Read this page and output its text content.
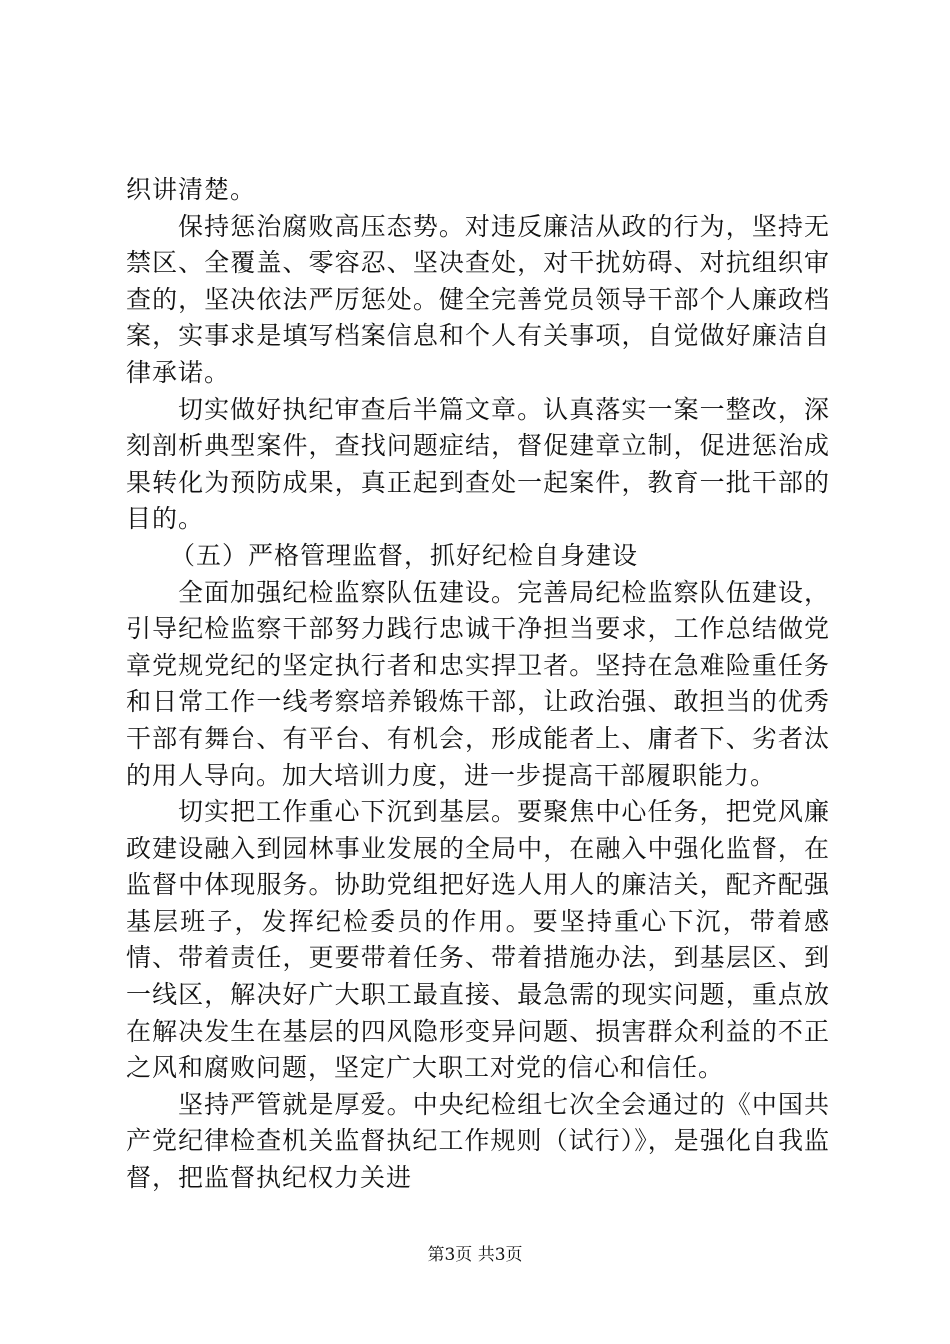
织讲清楚。

保持惩治腐败高压态势。对违反廉洁从政的行为，坚持无禁区、全覆盖、零容忍、坚决查处，对干扰妨碍、对抗组织审查的，坚决依法严厉惩处。健全完善党员领导干部个人廉政档案，实事求是填写档案信息和个人有关事项，自觉做好廉洁自律承诺。

切实做好执纪审查后半篇文章。认真落实一案一整改，深刻剖析典型案件，查找问题症结，督促建章立制，促进惩治成果转化为预防成果，真正起到查处一起案件，教育一批干部的目的。

（五）严格管理监督，抓好纪检自身建设

全面加强纪检监察队伍建设。完善局纪检监察队伍建设，引导纪检监察干部努力践行忠诚干净担当要求，工作总结做党章党规党纪的坚定执行者和忠实捍卫者。坚持在急难险重任务和日常工作一线考察培养锻炼干部，让政治强、敢担当的优秀干部有舞台、有平台、有机会，形成能者上、庸者下、劣者汰的用人导向。加大培训力度，进一步提高干部履职能力。

切实把工作重心下沉到基层。要聚焦中心任务，把党风廉政建设融入到园林事业发展的全局中，在融入中强化监督，在监督中体现服务。协助党组把好选人用人的廉洁关，配齐配强基层班子，发挥纪检委员的作用。要坚持重心下沉，带着感情、带着责任，更要带着任务、带着措施办法，到基层区、到一线区，解决好广大职工最直接、最急需的现实问题，重点放在解决发生在基层的四风隐形变异问题、损害群众利益的不正之风和腐败问题，坚定广大职工对党的信心和信任。

坚持严管就是厚爱。中央纪检组七次全会通过的《中国共产党纪律检查机关监督执纪工作规则（试行）》，是强化自我监督，把监督执纪权力关进

第3页 共3页
